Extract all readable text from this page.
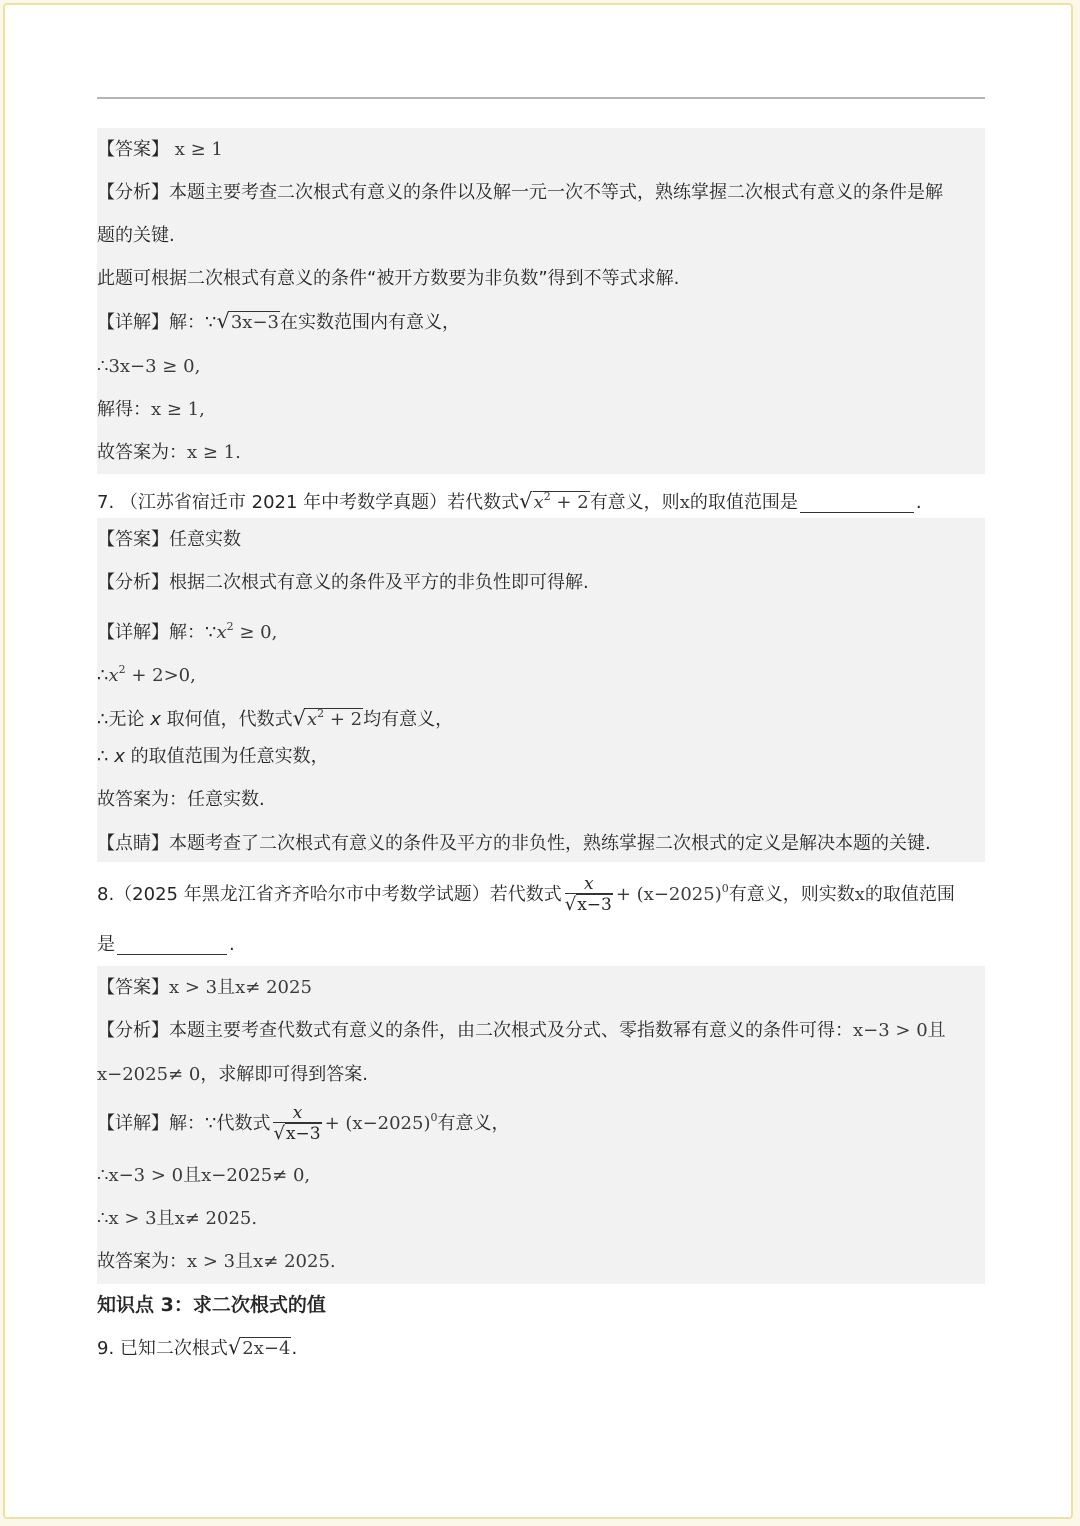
【答案】 x ≥ 1
【分析】本题主要考查二次根式有意义的条件以及解一元一次不等式，熟练掌握二次根式有意义的条件是解
题的关键.
此题可根据二次根式有意义的条件“被开方数要为非负数”得到不等式求解.
【详解】解：∵√3x−3在实数范围内有意义，
∴3x−3 ≥ 0,
解得：x ≥ 1,
故答案为：x ≥ 1.
7. （江苏省宿迁市 2021 年中考数学真题）若代数式$√x^2 + 2$有意义，则x的取值范围是	.
【答案】任意实数
【分析】根据二次根式有意义的条件及平方的非负性即可得解.
【详解】解：$\because x^2 \ge 0$,
$\therefore x^2 + 2>0$,
∴无论 x 取何值，代数式$√x^2 + 2$均有意义，
∴ x 的取值范围为任意实数，
故答案为：任意实数.
【点睛】本题考查了二次根式有意义的条件及平方的非负性，熟练掌握二次根式的定义是解决本题的关键.
8.（2025 年黑龙江省齐齐哈尔市中考数学试题）若代数式 $\frac{x}{√x-3} + (x-2025)^0$有意义，则实数x的取值范围
是	.
【答案】x > 3且x≠ 2025
【分析】本题主要考查代数式有意义的条件，由二次根式及分式、零指数幂有意义的条件可得：x−3 > 0且
x−2025≠ 0，求解即可得到答案.
【详解】解：∵代数式 $\frac{x}{√x-3} + (x-2025)^0$有意义，
∴x−3 > 0且x−2025≠ 0,
∴x > 3且x≠ 2025.
故答案为：x > 3且x≠ 2025.
知识点 3：求二次根式的值
9. 已知二次根式√2x−4.
